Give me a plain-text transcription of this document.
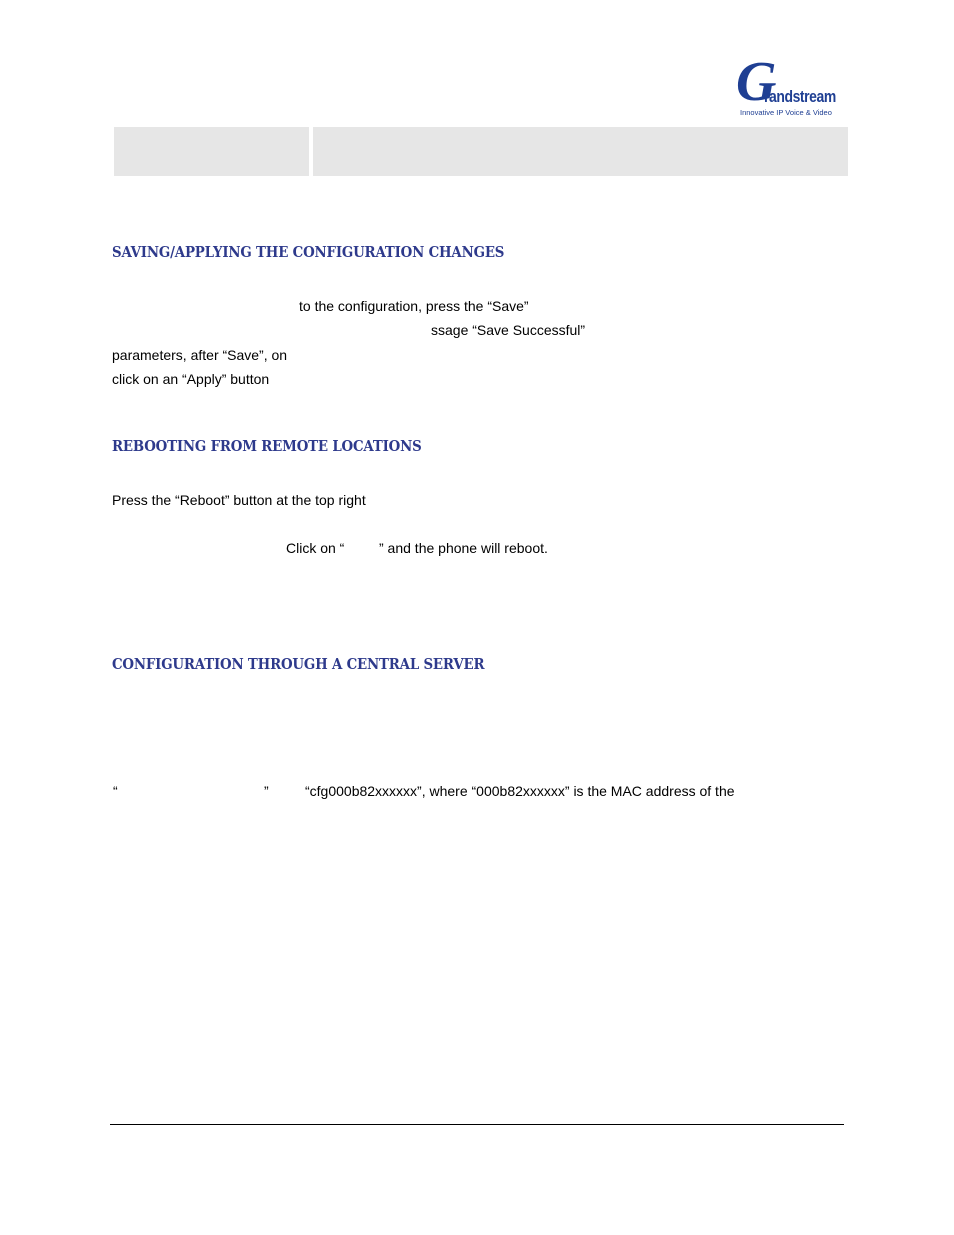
G
randstream
Innovative IP Voice & Video
SAVING/APPLYING THE CONFIGURATION CHANGES
to the configuration, press the “Save”
ssage “Save Successful”
parameters, after “Save”, on
click on an “Apply” button
REBOOTING FROM REMOTE LOCATIONS
Press the “Reboot” button at the top right
Click on “ ” and the phone will reboot.
CONFIGURATION THROUGH A CENTRAL SERVER
“	”	“cfg000b82xxxxxx”, where “000b82xxxxxx” is the MAC address of the
